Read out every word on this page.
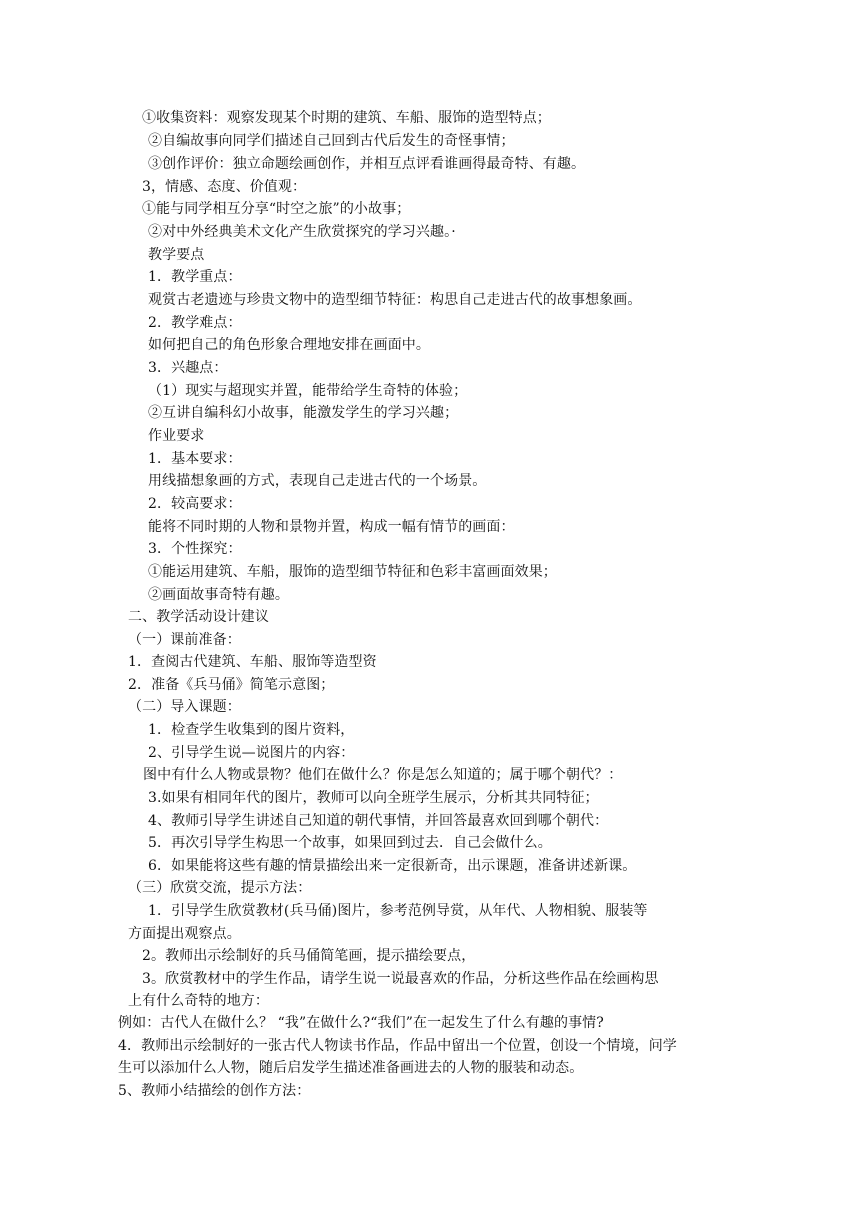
①收集资料：观察发现某个时期的建筑、车船、服饰的造型特点；
②自编故事向同学们描述自己回到古代后发生的奇怪事情；
③创作评价：独立命题绘画创作，并相互点评看谁画得最奇特、有趣。
3，情感、态度、价值观：
①能与同学相互分享“时空之旅”的小故事；
②对中外经典美术文化产生欣赏探究的学习兴趣。·
教学要点
1．教学重点：
观赏古老遗迹与珍贵文物中的造型细节特征：构思自己走进古代的故事想象画。
2．教学难点：
如何把自己的角色形象合理地安排在画面中。
3．兴趣点：
（1）现实与超现实并置，能带给学生奇特的体验；
②互讲自编科幻小故事，能激发学生的学习兴趣；
作业要求
1．基本要求：
用线描想象画的方式，表现自己走进古代的一个场景。
2．较高要求：
能将不同时期的人物和景物并置，构成一幅有情节的画面：
3．个性探究：
①能运用建筑、车船，服饰的造型细节特征和色彩丰富画面效果；
②画面故事奇特有趣。
二、教学活动设计建议
（一）课前准备：
1．查阅古代建筑、车船、服饰等造型资
2．准备《兵马俑》简笔示意图；
（二）导入课题：
1．检查学生收集到的图片资料，
2、引导学生说—说图片的内容：
图中有什么人物或景物？他们在做什么？你是怎么知道的；属于哪个朝代？：
3.如果有相同年代的图片，教师可以向全班学生展示，分析其共同特征；
4、教师引导学生讲述自己知道的朝代事情，并回答最喜欢回到哪个朝代：
5．再次引导学生构思一个故事，如果回到过去．自己会做什么。
6．如果能将这些有趣的情景描绘出来一定很新奇，出示课题，准备讲述新课。
（三）欣赏交流，提示方法：
1．引导学生欣赏教材(兵马俑)图片，参考范例导赏，从年代、人物相貌、服装等
方面提出观察点。
2。教师出示绘制好的兵马俑简笔画，提示描绘要点，
3。欣赏教材中的学生作品，请学生说一说最喜欢的作品，分析这些作品在绘画构思
上有什么奇特的地方：
例如：古代人在做什么？ “我”在做什么?“我们”在一起发生了什么有趣的事情?
4．教师出示绘制好的一张古代人物读书作品，作品中留出一个位置，创设一个情境，问学
生可以添加什么人物，随后启发学生描述准备画进去的人物的服装和动态。
5、教师小结描绘的创作方法：
